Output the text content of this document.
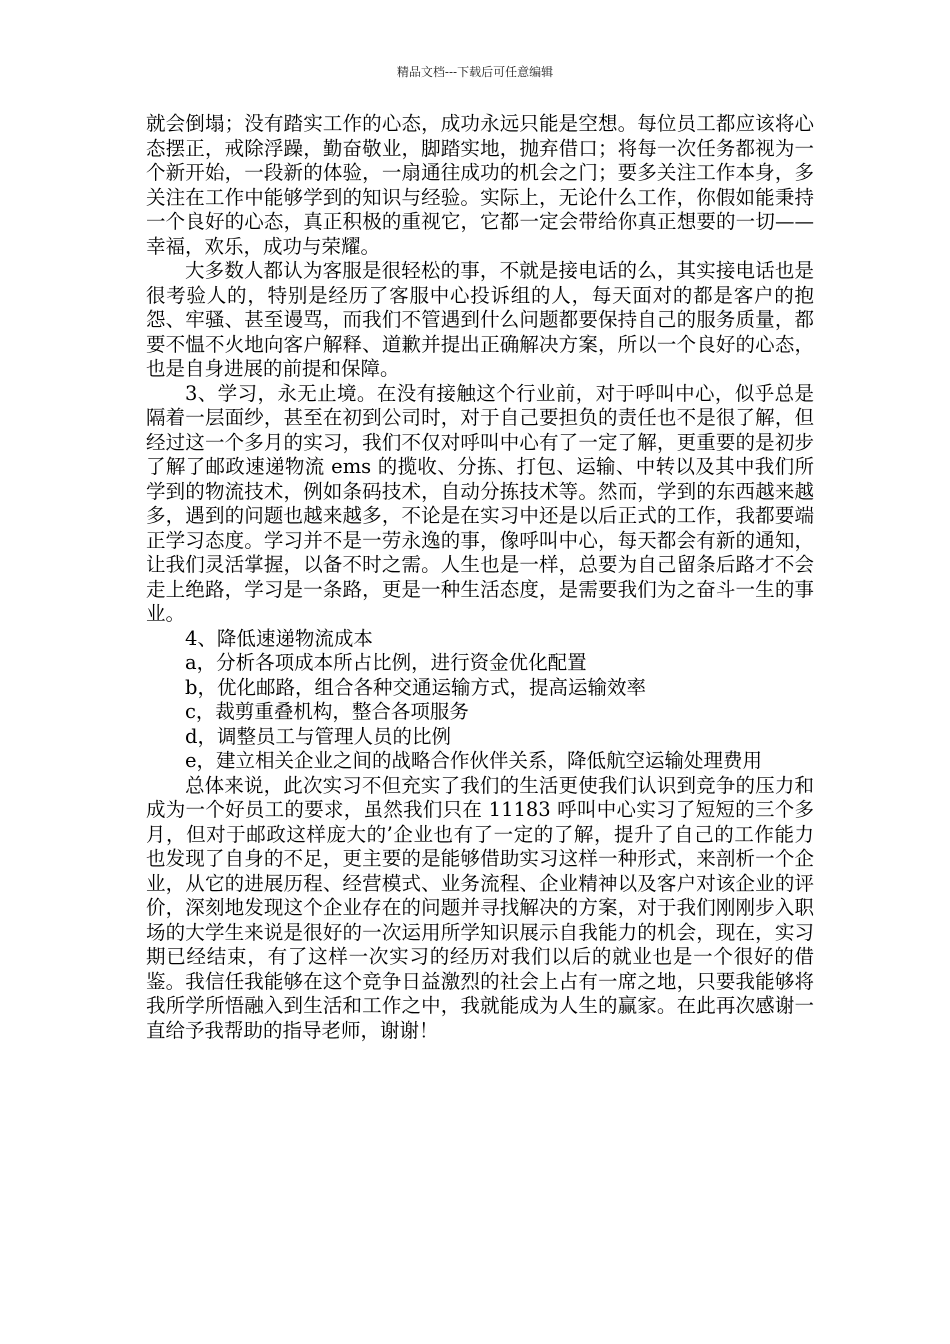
精品文档---下载后可任意编辑

就会倒塌；没有踏实工作的心态，成功永远只能是空想。每位员工都应该将心态摆正，戒除浮躁，勤奋敬业，脚踏实地，抛弃借口；将每一次任务都视为一个新开始，一段新的体验，一扇通往成功的机会之门；要多关注工作本身，多关注在工作中能够学到的知识与经验。实际上，无论什么工作，你假如能秉持一个良好的心态，真正积极的重视它，它都一定会带给你真正想要的一切——幸福，欢乐，成功与荣耀。

大多数人都认为客服是很轻松的事，不就是接电话的么，其实接电话也是很考验人的，特别是经历了客服中心投诉组的人，每天面对的都是客户的抱怨、牢骚、甚至谩骂，而我们不管遇到什么问题都要保持自己的服务质量，都要不愠不火地向客户解释、道歉并提出正确解决方案，所以一个良好的心态，也是自身进展的前提和保障。

3、学习，永无止境。在没有接触这个行业前，对于呼叫中心，似乎总是隔着一层面纱，甚至在初到公司时，对于自己要担负的责任也不是很了解，但经过这一个多月的实习，我们不仅对呼叫中心有了一定了解，更重要的是初步了解了邮政速递物流 ems 的揽收、分拣、打包、运输、中转以及其中我们所学到的物流技术，例如条码技术，自动分拣技术等。然而，学到的东西越来越多，遇到的问题也越来越多，不论是在实习中还是以后正式的工作，我都要端正学习态度。学习并不是一劳永逸的事，像呼叫中心，每天都会有新的通知，让我们灵活掌握，以备不时之需。人生也是一样，总要为自己留条后路才不会走上绝路，学习是一条路，更是一种生活态度，是需要我们为之奋斗一生的事业。

4、降低速递物流成本

a，分析各项成本所占比例，进行资金优化配置

b，优化邮路，组合各种交通运输方式，提高运输效率

c，裁剪重叠机构，整合各项服务

d，调整员工与管理人员的比例

e，建立相关企业之间的战略合作伙伴关系，降低航空运输处理费用

总体来说，此次实习不但充实了我们的生活更使我们认识到竞争的压力和成为一个好员工的要求，虽然我们只在 11183 呼叫中心实习了短短的三个多月，但对于邮政这样庞大的’企业也有了一定的了解，提升了自己的工作能力也发现了自身的不足，更主要的是能够借助实习这样一种形式，来剖析一个企业，从它的进展历程、经营模式、业务流程、企业精神以及客户对该企业的评价，深刻地发现这个企业存在的问题并寻找解决的方案，对于我们刚刚步入职场的大学生来说是很好的一次运用所学知识展示自我能力的机会，现在，实习期已经结束，有了这样一次实习的经历对我们以后的就业也是一个很好的借鉴。我信任我能够在这个竞争日益激烈的社会上占有一席之地，只要我能够将我所学所悟融入到生活和工作之中，我就能成为人生的赢家。在此再次感谢一直给予我帮助的指导老师，谢谢！
